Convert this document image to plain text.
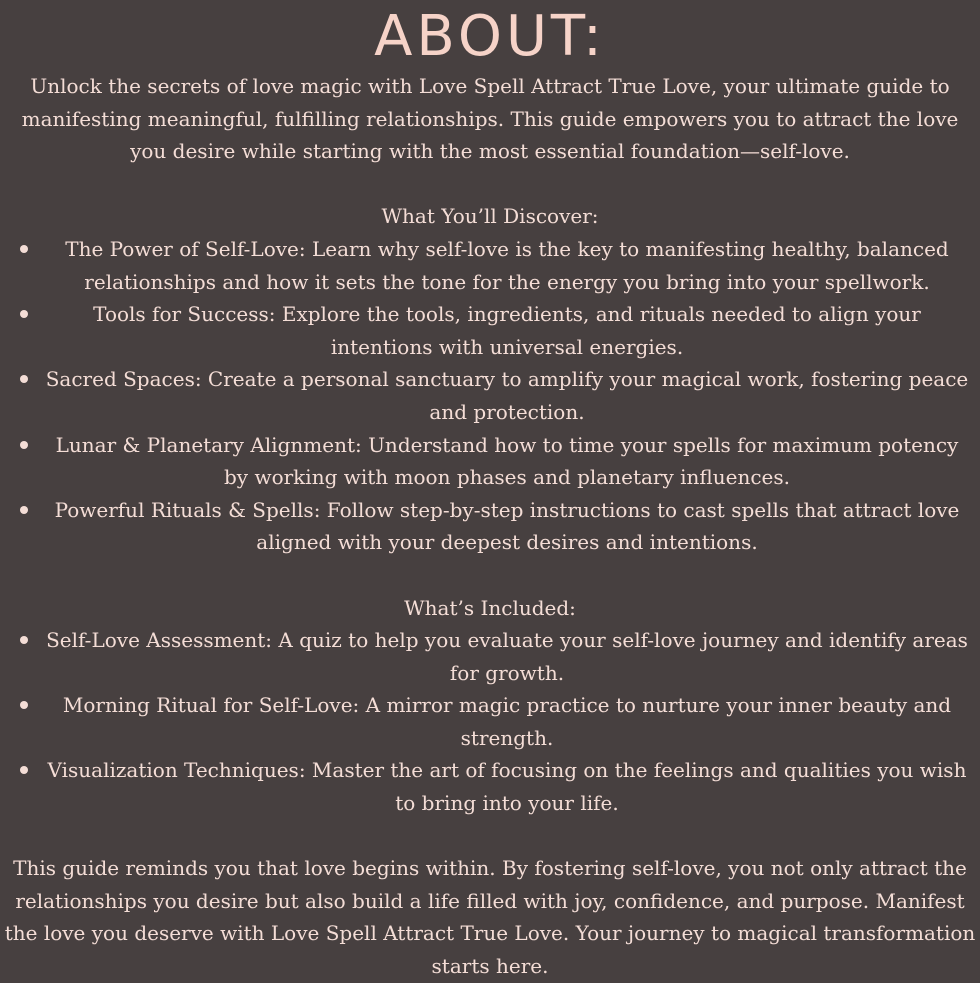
ABOUT:

Unlock the secrets of love magic with Love Spell Attract True Love, your ultimate guide to manifesting meaningful, fulfilling relationships. This guide empowers you to attract the love you desire while starting with the most essential foundation—self-love.

What You’ll Discover:

The Power of Self-Love: Learn why self-love is the key to manifesting healthy, balanced relationships and how it sets the tone for the energy you bring into your spellwork.
Tools for Success: Explore the tools, ingredients, and rituals needed to align your intentions with universal energies.
Sacred Spaces: Create a personal sanctuary to amplify your magical work, fostering peace and protection.
Lunar & Planetary Alignment: Understand how to time your spells for maximum potency by working with moon phases and planetary influences.
Powerful Rituals & Spells: Follow step-by-step instructions to cast spells that attract love aligned with your deepest desires and intentions.

What’s Included:

Self-Love Assessment: A quiz to help you evaluate your self-love journey and identify areas for growth.
Morning Ritual for Self-Love: A mirror magic practice to nurture your inner beauty and strength.
Visualization Techniques: Master the art of focusing on the feelings and qualities you wish to bring into your life.

This guide reminds you that love begins within. By fostering self-love, you not only attract the relationships you desire but also build a life filled with joy, confidence, and purpose. Manifest the love you deserve with Love Spell Attract True Love. Your journey to magical transformation starts here.
